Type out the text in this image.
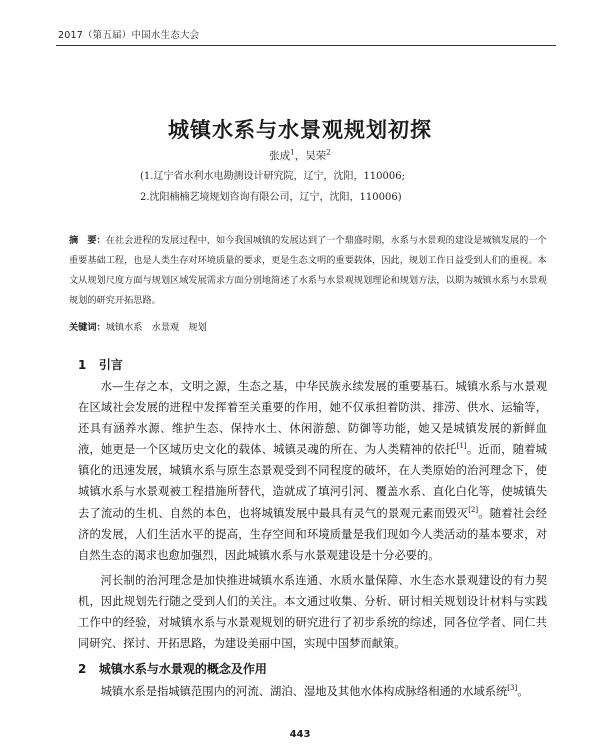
2017（第五届）中国水生态大会
城镇水系与水景观规划初探
张成$^1$，吴荣$^2$
(1.辽宁省水利水电勘测设计研究院，辽宁，沈阳，110006;
2.沈阳楠楠艺境规划咨询有限公司，辽宁，沈阳，110006)
摘　要：在社会进程的发展过程中，如今我国城镇的发展达到了一个鼎盛时期，水系与水景观的建设是城镇发展的一个重要基础工程，也是人类生存对环境质量的要求，更是生态文明的重要载体，因此，规划工作日益受到人们的重视。本文从规划尺度方面与规划区域发展需求方面分别地简述了水系与水景观规划理论和规划方法，以期为城镇水系与水景观规划的研究开拓思路。
关键词：城镇水系　水景观　规划
1 引言
水—生存之本，文明之源，生态之基，中华民族永续发展的重要基石。城镇水系与水景观在区域社会发展的进程中发挥着至关重要的作用，她不仅承担着防洪、排涝、供水、运输等，还具有涵养水源、维护生态、保持水土、休闲游憩、防御等功能，她又是城镇发展的新鲜血液，她更是一个区域历史文化的载体、城镇灵魂的所在、为人类精神的依托[1]。近而，随着城镇化的迅速发展，城镇水系与原生态景观受到不同程度的破坏，在人类原始的治河理念下，使城镇水系与水景观被工程措施所替代，造就成了填河引河、覆盖水系、直化白化等，使城镇失去了流动的生机、自然的本色，也将城镇发展中最具有灵气的景观元素而毁灭[2]。随着社会经济的发展，人们生活水平的提高，生存空间和环境质量是我们现如今人类活动的基本要求，对自然生态的渴求也愈加强烈，因此城镇水系与水景观建设是十分必要的。
河长制的治河理念是加快推进城镇水系连通、水质水量保障、水生态水景观建设的有力契机，因此规划先行随之受到人们的关注。本文通过收集、分析、研讨相关规划设计材料与实践工作中的经验，对城镇水系与水景观规划的研究进行了初步系统的综述，同各位学者、同仁共同研究、探讨、开拓思路，为建设美丽中国，实现中国梦而献策。
2 城镇水系与水景观的概念及作用
城镇水系是指城镇范围内的河流、湖泊、湿地及其他水体构成脉络相通的水域系统[3]。
443
